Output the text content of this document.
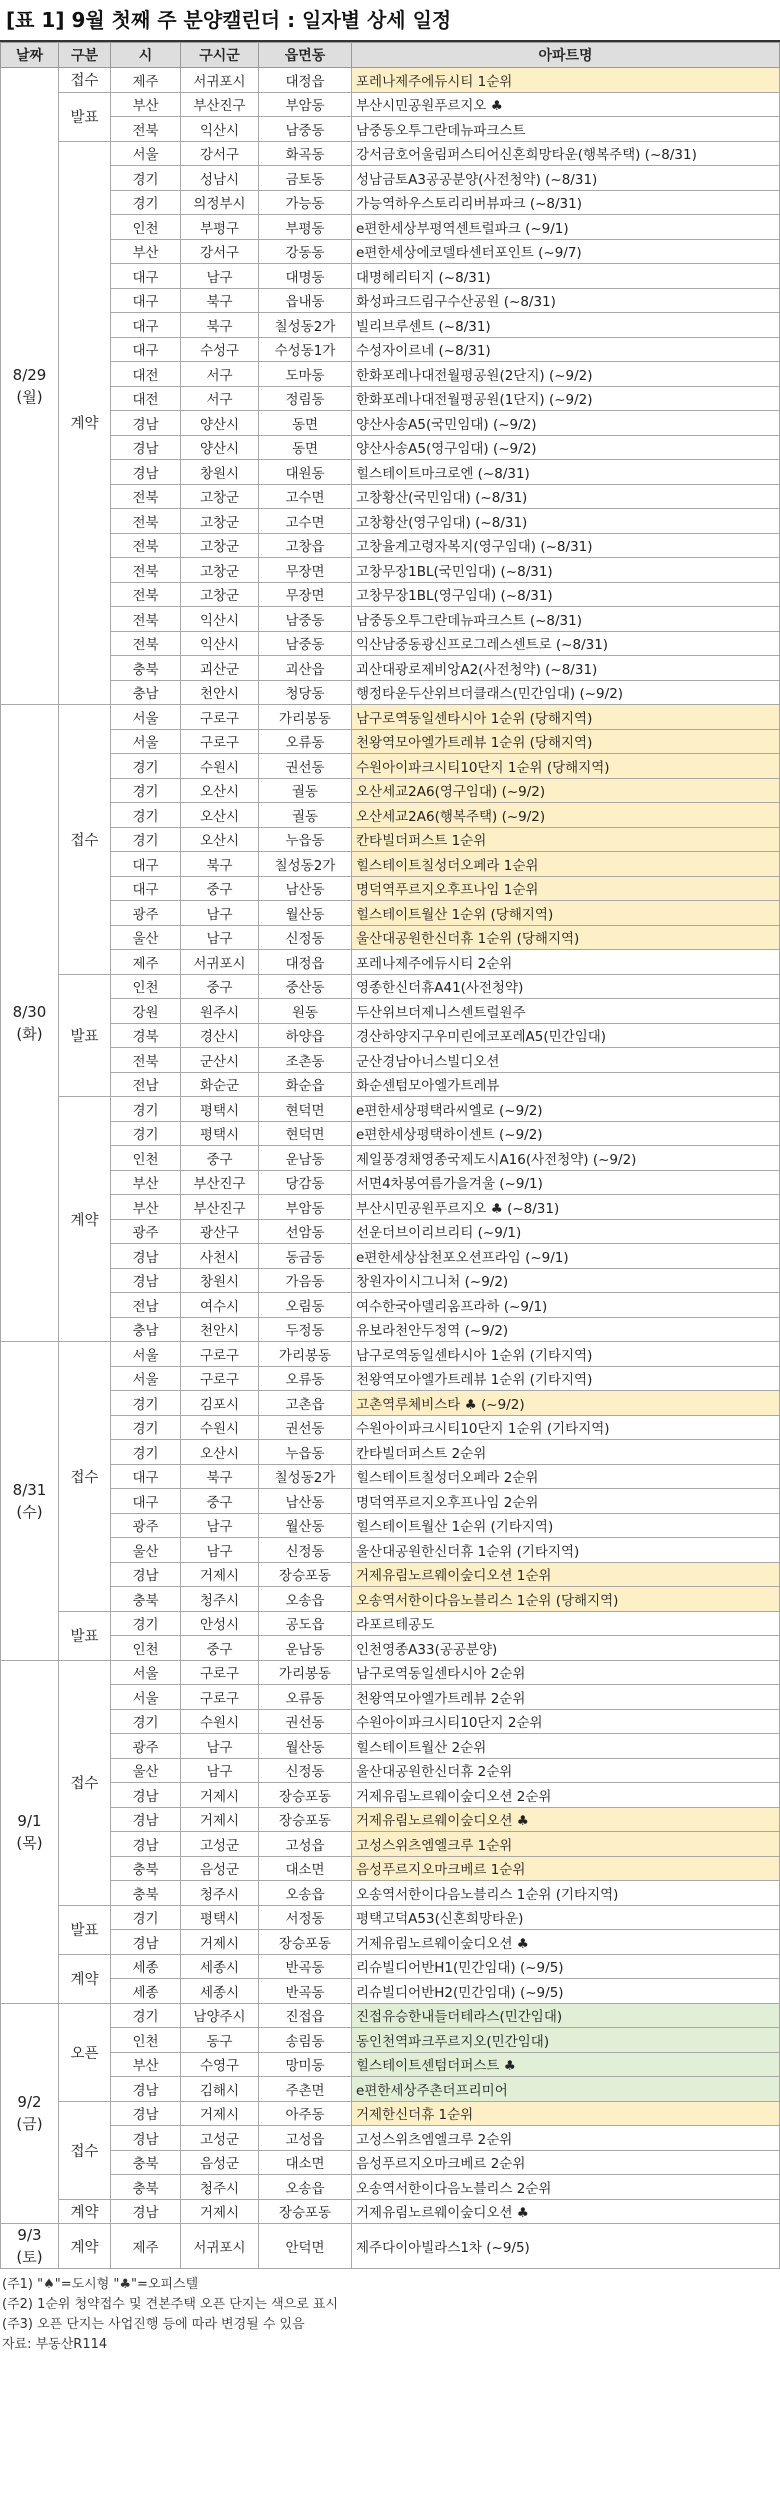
[표 1] 9월 첫째 주 분양캘린더 : 일자별 상세 일정
날짜	구분	시	구시군	읍면동	아파트명
8/29
(월)	접수	제주	서귀포시	대정읍	포레나제주에듀시티 1순위
	발표	부산	부산진구	부암동	부산시민공원푸르지오 ♣
		전북	익산시	남중동	남중동오투그란데뉴파크스트
	계약	서울	강서구	화곡동	강서금호어울림퍼스티어신혼희망타운(행복주택) (~8/31)
		경기	성남시	금토동	성남금토A3공공분양(사전청약) (~8/31)
		경기	의정부시	가능동	가능역하우스토리리버뷰파크 (~8/31)
		인천	부평구	부평동	e편한세상부평역센트럴파크 (~9/1)
		부산	강서구	강동동	e편한세상에코델타센터포인트 (~9/7)
		대구	남구	대명동	대명헤리티지 (~8/31)
		대구	북구	읍내동	화성파크드림구수산공원 (~8/31)
		대구	북구	칠성동2가	빌리브루센트 (~8/31)
		대구	수성구	수성동1가	수성자이르네 (~8/31)
		대전	서구	도마동	한화포레나대전월평공원(2단지) (~9/2)
		대전	서구	정림동	한화포레나대전월평공원(1단지) (~9/2)
		경남	양산시	동면	양산사송A5(국민임대) (~9/2)
		경남	양산시	동면	양산사송A5(영구임대) (~9/2)
		경남	창원시	대원동	힐스테이트마크로엔 (~8/31)
		전북	고창군	고수면	고창황산(국민임대) (~8/31)
		전북	고창군	고수면	고창황산(영구임대) (~8/31)
		전북	고창군	고창읍	고창율계고령자복지(영구임대) (~8/31)
		전북	고창군	무장면	고창무장1BL(국민임대) (~8/31)
		전북	고창군	무장면	고창무장1BL(영구임대) (~8/31)
		전북	익산시	남중동	남중동오투그란데뉴파크스트 (~8/31)
		전북	익산시	남중동	익산남중동광신프로그레스센트로 (~8/31)
		충북	괴산군	괴산읍	괴산대광로제비앙A2(사전청약) (~8/31)
		충남	천안시	청당동	행정타운두산위브더클래스(민간임대) (~9/2)
8/30
(화)	접수	서울	구로구	가리봉동	남구로역동일센타시아 1순위 (당해지역)
		서울	구로구	오류동	천왕역모아엘가트레뷰 1순위 (당해지역)
		경기	수원시	권선동	수원아이파크시티10단지 1순위 (당해지역)
		경기	오산시	궐동	오산세교2A6(영구임대) (~9/2)
		경기	오산시	궐동	오산세교2A6(행복주택) (~9/2)
		경기	오산시	누읍동	칸타빌더퍼스트 1순위
		대구	북구	칠성동2가	힐스테이트칠성더오페라 1순위
		대구	중구	남산동	명덕역푸르지오후프나임 1순위
		광주	남구	월산동	힐스테이트월산 1순위 (당해지역)
		울산	남구	신정동	울산대공원한신더휴 1순위 (당해지역)
		제주	서귀포시	대정읍	포레나제주에듀시티 2순위
	발표	인천	중구	중산동	영종한신더휴A41(사전청약)
		강원	원주시	원동	두산위브더제니스센트럴원주
		경북	경산시	하양읍	경산하양지구우미린에코포레A5(민간임대)
		전북	군산시	조촌동	군산경남아너스빌디오션
		전남	화순군	화순읍	화순센텀모아엘가트레뷰
	계약	경기	평택시	현덕면	e편한세상평택라씨엘로 (~9/2)
		경기	평택시	현덕면	e편한세상평택하이센트 (~9/2)
		인천	중구	운남동	제일풍경채영종국제도시A16(사전청약) (~9/2)
		부산	부산진구	당감동	서면4차봉여름가을겨울 (~9/1)
		부산	부산진구	부암동	부산시민공원푸르지오 ♣ (~8/31)
		광주	광산구	선암동	선운더브이리브리티 (~9/1)
		경남	사천시	동금동	e편한세상삼천포오션프라임 (~9/1)
		경남	창원시	가음동	창원자이시그니처 (~9/2)
		전남	여수시	오림동	여수한국아델리움프라하 (~9/1)
		충남	천안시	두정동	유보라천안두정역 (~9/2)
8/31
(수)	접수	서울	구로구	가리봉동	남구로역동일센타시아 1순위 (기타지역)
		서울	구로구	오류동	천왕역모아엘가트레뷰 1순위 (기타지역)
		경기	김포시	고촌읍	고촌역루체비스타 ♣ (~9/2)
		경기	수원시	권선동	수원아이파크시티10단지 1순위 (기타지역)
		경기	오산시	누읍동	칸타빌더퍼스트 2순위
		대구	북구	칠성동2가	힐스테이트칠성더오페라 2순위
		대구	중구	남산동	명덕역푸르지오후프나임 2순위
		광주	남구	월산동	힐스테이트월산 1순위 (기타지역)
		울산	남구	신정동	울산대공원한신더휴 1순위 (기타지역)
		경남	거제시	장승포동	거제유림노르웨이숲디오션 1순위
		충북	청주시	오송읍	오송역서한이다음노블리스 1순위 (당해지역)
	발표	경기	안성시	공도읍	라포르테공도
		인천	중구	운남동	인천영종A33(공공분양)
9/1
(목)	접수	서울	구로구	가리봉동	남구로역동일센타시아 2순위
		서울	구로구	오류동	천왕역모아엘가트레뷰 2순위
		경기	수원시	권선동	수원아이파크시티10단지 2순위
		광주	남구	월산동	힐스테이트월산 2순위
		울산	남구	신정동	울산대공원한신더휴 2순위
		경남	거제시	장승포동	거제유림노르웨이숲디오션 2순위
		경남	거제시	장승포동	거제유림노르웨이숲디오션 ♣
		경남	고성군	고성읍	고성스위츠엠엘크루 1순위
		충북	음성군	대소면	음성푸르지오마크베르 1순위
		충북	청주시	오송읍	오송역서한이다음노블리스 1순위 (기타지역)
	발표	경기	평택시	서정동	평택고덕A53(신혼희망타운)
		경남	거제시	장승포동	거제유림노르웨이숲디오션 ♣
	계약	세종	세종시	반곡동	리슈빌디어반H1(민간임대) (~9/5)
		세종	세종시	반곡동	리슈빌디어반H2(민간임대) (~9/5)
9/2
(금)	오픈	경기	남양주시	진접읍	진접유승한내들더테라스(민간임대)
		인천	동구	송림동	동인천역파크푸르지오(민간임대)
		부산	수영구	망미동	힐스테이트센텀더퍼스트 ♣
		경남	김해시	주촌면	e편한세상주촌더프리미어
	접수	경남	거제시	아주동	거제한신더휴 1순위
		경남	고성군	고성읍	고성스위츠엠엘크루 2순위
		충북	음성군	대소면	음성푸르지오마크베르 2순위
		충북	청주시	오송읍	오송역서한이다음노블리스 2순위
	계약	경남	거제시	장승포동	거제유림노르웨이숲디오션 ♣
9/3
(토)	계약	제주	서귀포시	안덕면	제주다이아빌라스1차 (~9/5)
(주1) "♠"=도시형 "♣"=오피스텔
(주2) 1순위 청약접수 및 견본주택 오픈 단지는 색으로 표시
(주3) 오픈 단지는 사업진행 등에 따라 변경될 수 있음
자료: 부동산R114
